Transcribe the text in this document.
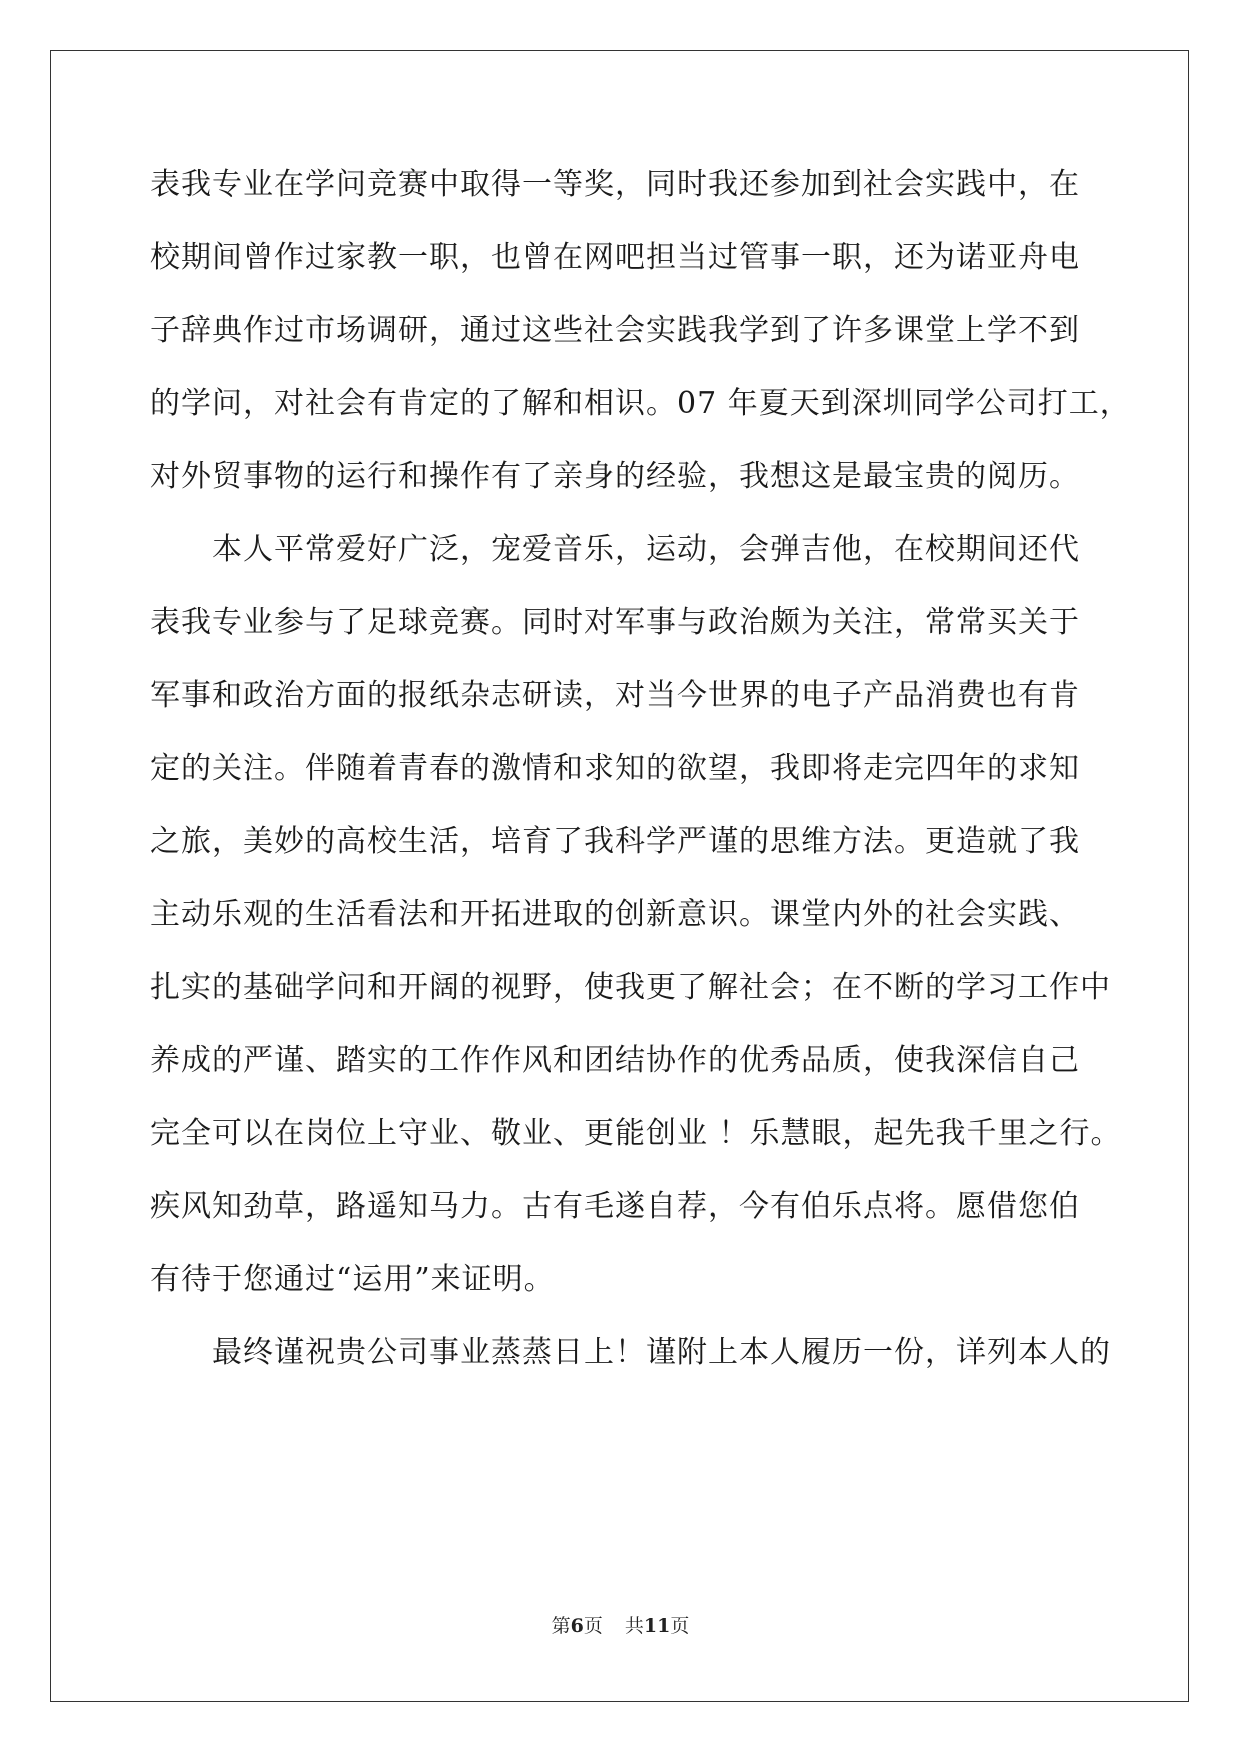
表我专业在学问竞赛中取得一等奖，同时我还参加到社会实践中，在
校期间曾作过家教一职，也曾在网吧担当过管事一职，还为诺亚舟电
子辞典作过市场调研，通过这些社会实践我学到了许多课堂上学不到
的学问，对社会有肯定的了解和相识。07 年夏天到深圳同学公司打工，
对外贸事物的运行和操作有了亲身的经验，我想这是最宝贵的阅历。
本人平常爱好广泛，宠爱音乐，运动，会弹吉他，在校期间还代
表我专业参与了足球竞赛。同时对军事与政治颇为关注，常常买关于
军事和政治方面的报纸杂志研读，对当今世界的电子产品消费也有肯
定的关注。伴随着青春的激情和求知的欲望，我即将走完四年的求知
之旅，美妙的高校生活，培育了我科学严谨的思维方法。更造就了我
主动乐观的生活看法和开拓进取的创新意识。课堂内外的社会实践、
扎实的基础学问和开阔的视野，使我更了解社会；在不断的学习工作中
养成的严谨、踏实的工作作风和团结协作的优秀品质，使我深信自己
完全可以在岗位上守业、敬业、更能创业 ！乐慧眼，起先我千里之行。
疾风知劲草，路遥知马力。古有毛遂自荐，今有伯乐点将。愿借您伯
有待于您通过“运用”来证明。
最终谨祝贵公司事业蒸蒸日上！谨附上本人履历一份，详列本人的
第6页 共11页
